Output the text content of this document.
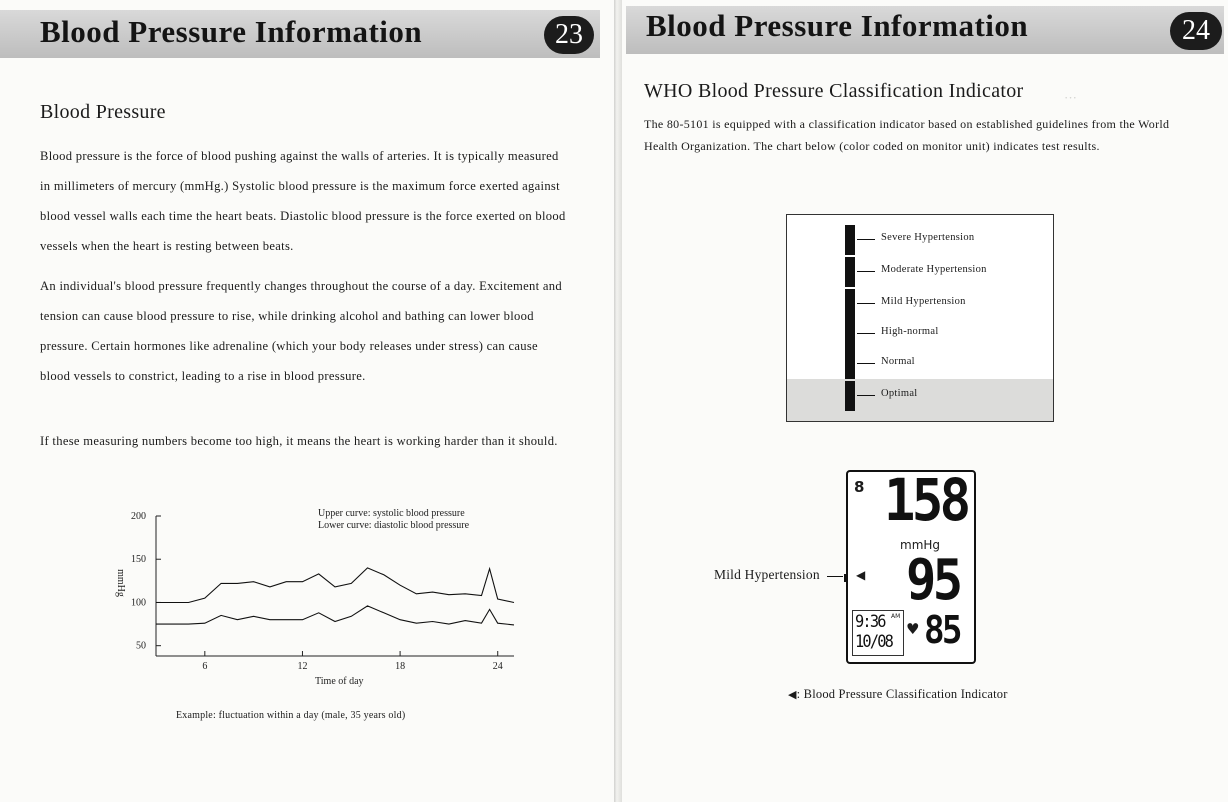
Blood Pressure Information	23
Blood Pressure
Blood pressure is the force of blood pushing against the walls of arteries. It is typically measured in millimeters of mercury (mmHg.) Systolic blood pressure is the maximum force exerted against blood vessel walls each time the heart beats. Diastolic blood pressure is the force exerted on blood vessels when the heart is resting between beats.
An individual's blood pressure frequently changes throughout the course of a day. Excitement and tension can cause blood pressure to rise, while drinking alcohol and bathing can lower blood pressure. Certain hormones like adrenaline (which your body releases under stress) can cause blood vessels to constrict, leading to a rise in blood pressure.
If these measuring numbers become too high, it means the heart is working harder than it should.
mmHg
200
150
100
50
6	12	18	24
Upper curve: systolic blood pressure
Lower curve: diastolic blood pressure
Time of day
Example: fluctuation within a day (male, 35 years old)
···
Blood Pressure Information	24
WHO Blood Pressure Classification Indicator
The 80-5101 is equipped with a classification indicator based on established guidelines from the World Health Organization. The chart below (color coded on monitor unit) indicates test results.
Severe Hypertension
Moderate Hypertension
Mild Hypertension
High-normal
Normal
Optimal
8 158
mmHg
95
9:36 AM
10/08
♥ 85
Mild Hypertension	◀
◀: Blood Pressure Classification Indicator
